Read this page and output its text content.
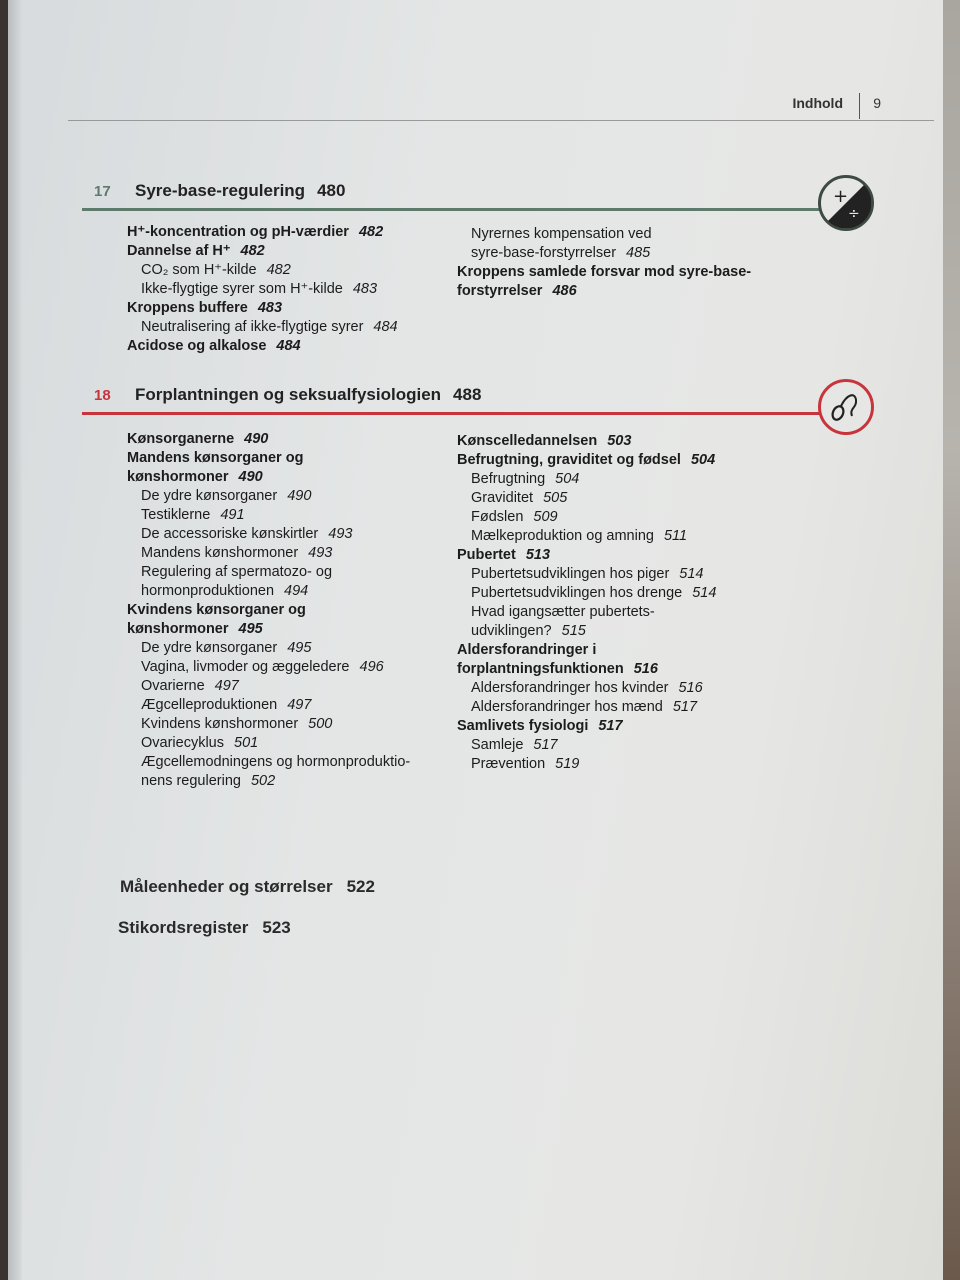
Indhold 9
17 Syre-base-regulering 480	+
÷
H⁺-koncentration og pH-værdier 482
Dannelse af H⁺ 482
CO₂ som H⁺-kilde 482
Ikke-flygtige syrer som H⁺-kilde 483
Kroppens buffere 483
Neutralisering af ikke-flygtige syrer 484
Acidose og alkalose 484
Nyrernes kompensation ved
syre-base-forstyrrelser 485
Kroppens samlede forsvar mod syre-base-
forstyrrelser 486
18 Forplantningen og seksualfysiologien 488
Kønsorganerne 490
Mandens kønsorganer og
kønshormoner 490
De ydre kønsorganer 490
Testiklerne 491
De accessoriske kønskirtler 493
Mandens kønshormoner 493
Regulering af spermatozo- og
hormonproduktionen 494
Kvindens kønsorganer og
kønshormoner 495
De ydre kønsorganer 495
Vagina, livmoder og æggeledere 496
Ovarierne 497
Ægcelleproduktionen 497
Kvindens kønshormoner 500
Ovariecyklus 501
Ægcellemodningens og hormonproduktio-
nens regulering 502
Kønscelledannelsen 503
Befrugtning, graviditet og fødsel 504
Befrugtning 504
Graviditet 505
Fødslen 509
Mælkeproduktion og amning 511
Pubertet 513
Pubertetsudviklingen hos piger 514
Pubertetsudviklingen hos drenge 514
Hvad igangsætter pubertets-
udviklingen? 515
Aldersforandringer i
forplantningsfunktionen 516
Aldersforandringer hos kvinder 516
Aldersforandringer hos mænd 517
Samlivets fysiologi 517
Samleje 517
Prævention 519
Måleenheder og størrelser 522
Stikordsregister 523
